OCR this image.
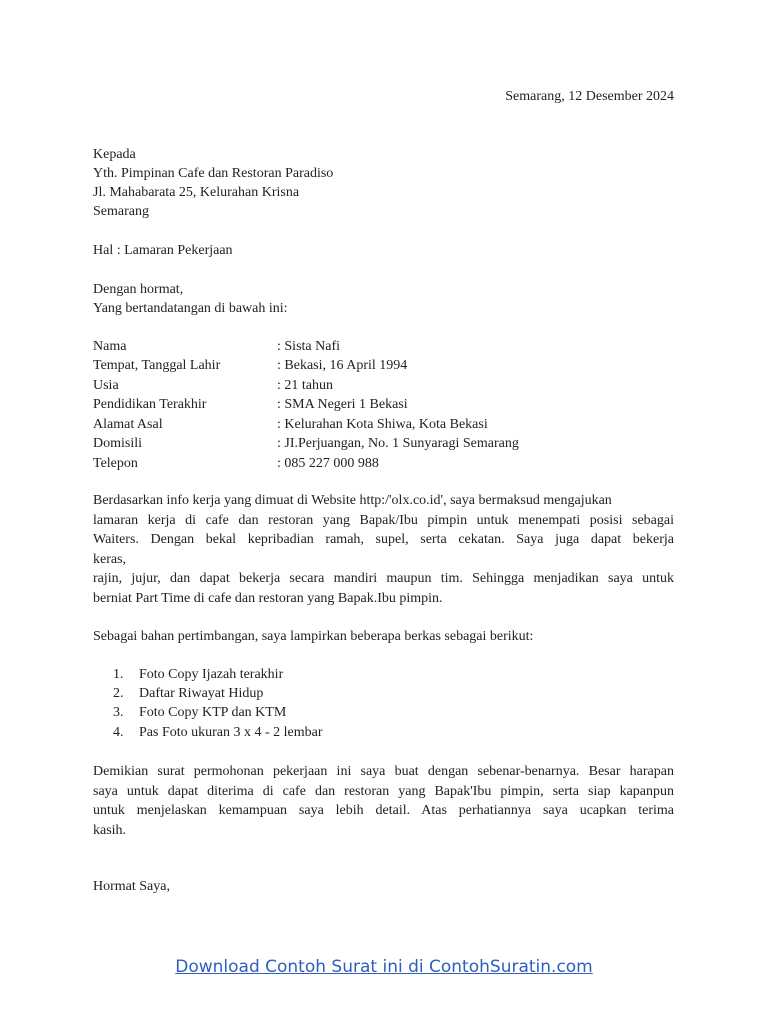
Semarang, 12 Desember 2024
Kepada
Yth. Pimpinan Cafe dan Restoran Paradiso
Jl. Mahabarata 25, Kelurahan Krisna
Semarang
Hal : Lamaran Pekerjaan
Dengan hormat,
Yang bertandatangan di bawah ini:
Nama	: Sista Nafi
Tempat, Tanggal Lahir	: Bekasi, 16 April 1994
Usia	: 21 tahun
Pendidikan Terakhir	: SMA Negeri 1 Bekasi
Alamat Asal	: Kelurahan Kota Shiwa, Kota Bekasi
Domisili	: JI.Perjuangan, No. 1 Sunyaragi Semarang
Telepon	: 085 227 000 988
Berdasarkan info kerja yang dimuat di Website http:/'olx.co.id', saya bermaksud mengajukan
lamaran kerja di cafe dan restoran yang Bapak/Ibu pimpin untuk menempati posisi sebagai
Waiters. Dengan bekal kepribadian ramah, supel, serta cekatan. Saya juga dapat bekerja
keras,
rajin, jujur, dan dapat bekerja secara mandiri maupun tim. Sehingga menjadikan saya untuk
berniat Part Time di cafe dan restoran yang Bapak.Ibu pimpin.
Sebagai bahan pertimbangan, saya lampirkan beberapa berkas sebagai berikut:
1. Foto Copy Ijazah terakhir
2. Daftar Riwayat Hidup
3. Foto Copy KTP dan KTM
4. Pas Foto ukuran 3 x 4 - 2 lembar
Demikian surat permohonan pekerjaan ini saya buat dengan sebenar-benarnya. Besar harapan
saya untuk dapat diterima di cafe dan restoran yang Bapak'Ibu pimpin, serta siap kapanpun
untuk menjelaskan kemampuan saya lebih detail. Atas perhatiannya saya ucapkan terima
kasih.
Hormat Saya,
Download Contoh Surat ini di ContohSuratin.com
